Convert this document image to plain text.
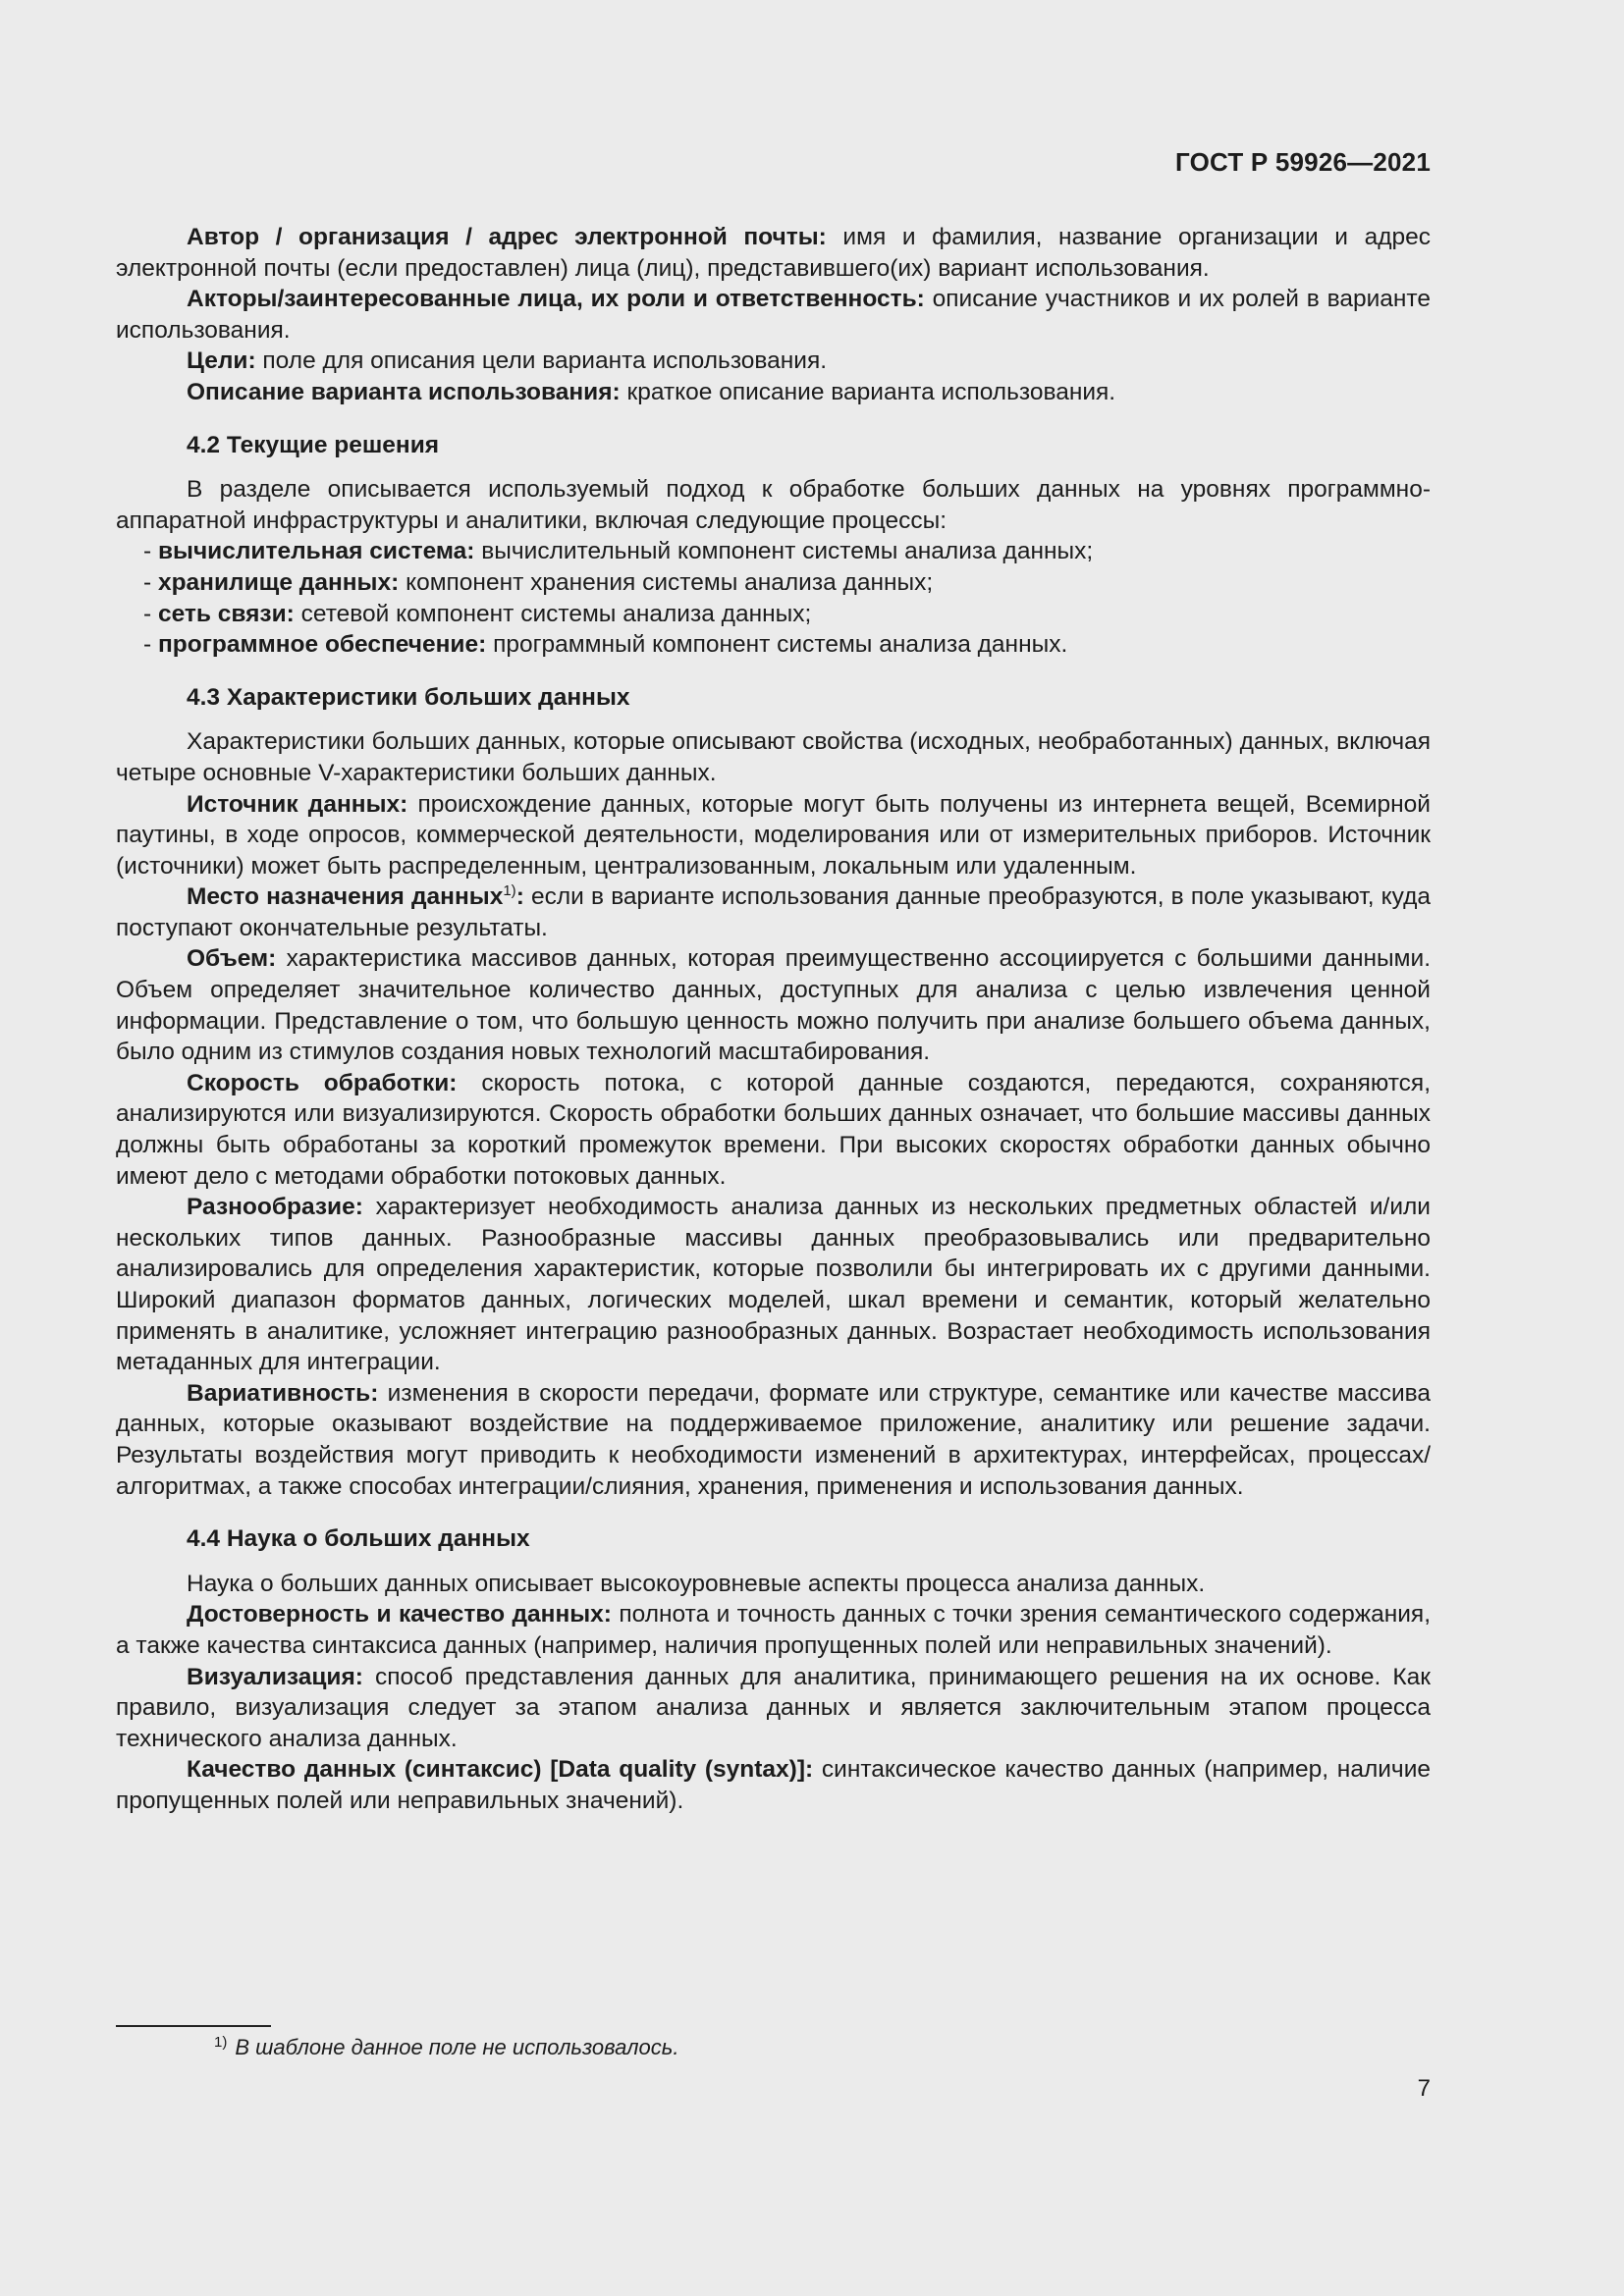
ГОСТ Р 59926—2021

Автор / организация / адрес электронной почты: имя и фамилия, название организации и адрес электронной почты (если предоставлен) лица (лиц), представившего(их) вариант использования.

Акторы/заинтересованные лица, их роли и ответственность: описание участников и их ролей в варианте использования.

Цели: поле для описания цели варианта использования.

Описание варианта использования: краткое описание варианта использования.

4.2 Текущие решения

В разделе описывается используемый подход к обработке больших данных на уровнях программно-аппаратной инфраструктуры и аналитики, включая следующие процессы:

- вычислительная система: вычислительный компонент системы анализа данных;

- хранилище данных: компонент хранения системы анализа данных;

- сеть связи: сетевой компонент системы анализа данных;

- программное обеспечение: программный компонент системы анализа данных.

4.3 Характеристики больших данных

Характеристики больших данных, которые описывают свойства (исходных, необработанных) данных, включая четыре основные V-характеристики больших данных.

Источник данных: происхождение данных, которые могут быть получены из интернета вещей, Всемирной паутины, в ходе опросов, коммерческой деятельности, моделирования или от измерительных приборов. Источник (источники) может быть распределенным, централизованным, локальным или удаленным.

Место назначения данных$^{1)}$: если в варианте использования данные преобразуются, в поле указывают, куда поступают окончательные результаты.

Объем: характеристика массивов данных, которая преимущественно ассоциируется с большими данными. Объем определяет значительное количество данных, доступных для анализа с целью извлечения ценной информации. Представление о том, что большую ценность можно получить при анализе большего объема данных, было одним из стимулов создания новых технологий масштабирования.

Скорость обработки: скорость потока, с которой данные создаются, передаются, сохраняются, анализируются или визуализируются. Скорость обработки больших данных означает, что большие массивы данных должны быть обработаны за короткий промежуток времени. При высоких скоростях обработки данных обычно имеют дело с методами обработки потоковых данных.

Разнообразие: характеризует необходимость анализа данных из нескольких предметных областей и/или нескольких типов данных. Разнообразные массивы данных преобразовывались или предварительно анализировались для определения характеристик, которые позволили бы интегрировать их с другими данными. Широкий диапазон форматов данных, логических моделей, шкал времени и семантик, который желательно применять в аналитике, усложняет интеграцию разнообразных данных. Возрастает необходимость использования метаданных для интеграции.

Вариативность: изменения в скорости передачи, формате или структуре, семантике или качестве массива данных, которые оказывают воздействие на поддерживаемое приложение, аналитику или решение задачи. Результаты воздействия могут приводить к необходимости изменений в архитектурах, интерфейсах, процессах/алгоритмах, а также способах интеграции/слияния, хранения, применения и использования данных.

4.4 Наука о больших данных

Наука о больших данных описывает высокоуровневые аспекты процесса анализа данных.

Достоверность и качество данных: полнота и точность данных с точки зрения семантического содержания, а также качества синтаксиса данных (например, наличия пропущенных полей или неправильных значений).

Визуализация: способ представления данных для аналитика, принимающего решения на их основе. Как правило, визуализация следует за этапом анализа данных и является заключительным этапом процесса технического анализа данных.

Качество данных (синтаксис) [Data quality (syntax)]: синтаксическое качество данных (например, наличие пропущенных полей или неправильных значений).

$^{1)}$ В шаблоне данное поле не использовалось.
7
